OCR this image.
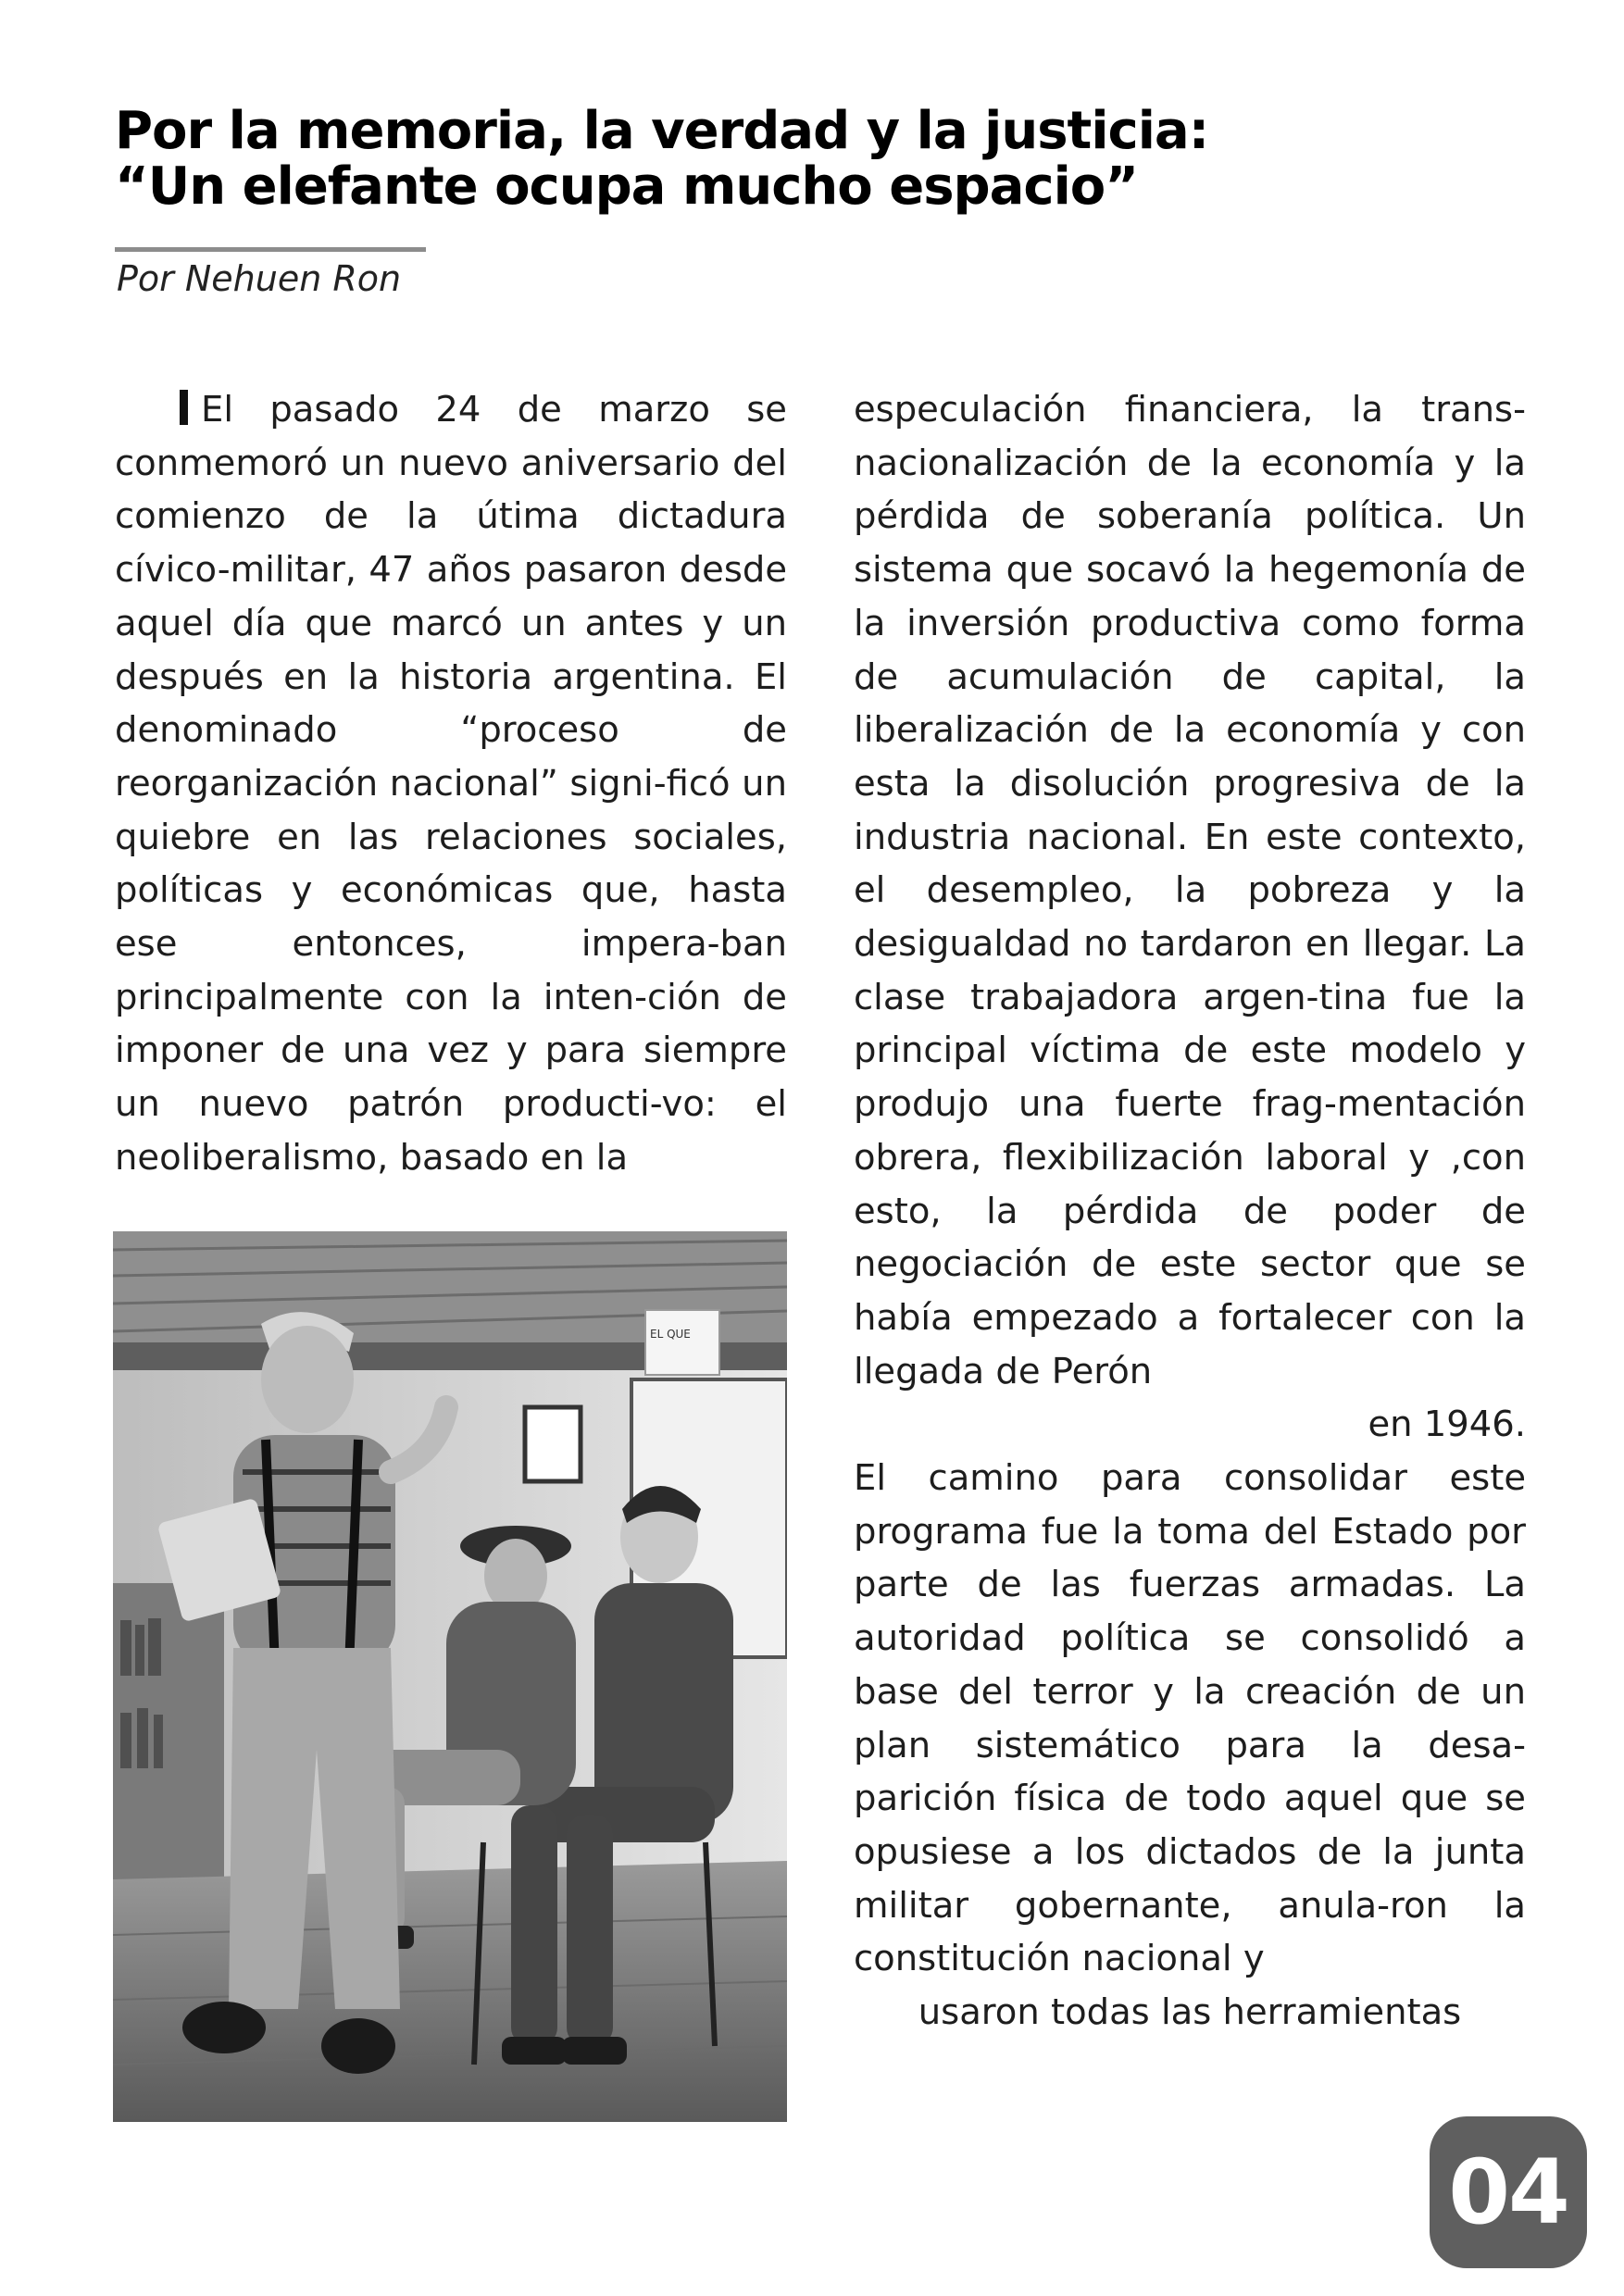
Por la memoria, la verdad y la justicia:
“Un elefante ocupa mucho espacio”
Por Nehuen Ron

El pasado 24 de marzo se conmemoró un nuevo aniversario del comienzo de la útima dictadura cívico-militar, 47 años pasaron desde aquel día que marcó un antes y un después en la historia argentina. El denominado “proceso de reorganización nacional” signi-ficó un quiebre en las relaciones sociales, políticas y económicas que, hasta ese entonces, impera-ban principalmente con la inten-ción de imponer de una vez y para siempre un nuevo patrón producti-vo: el neoliberalismo, basado en la

especulación financiera, la trans-nacionalización de la economía y la pérdida de soberanía política. Un sistema que socavó la hegemonía de la inversión productiva como forma de acumulación de capital, la liberalización de la economía y con esta la disolución progresiva de la industria nacional. En este contexto, el desempleo, la pobreza y la desigualdad no tardaron en llegar. La clase trabajadora argen-tina fue la principal víctima de este modelo y produjo una fuerte frag-mentación obrera, flexibilización laboral y ,con esto, la pérdida de poder de negociación de este sector que se había empezado a fortalecer con la llegada de Perón
en 1946.

El camino para consolidar este programa fue la toma del Estado por parte de las fuerzas armadas. La autoridad política se consolidó a base del terror y la creación de un plan sistemático para la desa-parición física de todo aquel que se opusiese a los dictados de la junta militar gobernante, anula-ron la constitución nacional y

usaron todas las herramientas

EL QUE
04
